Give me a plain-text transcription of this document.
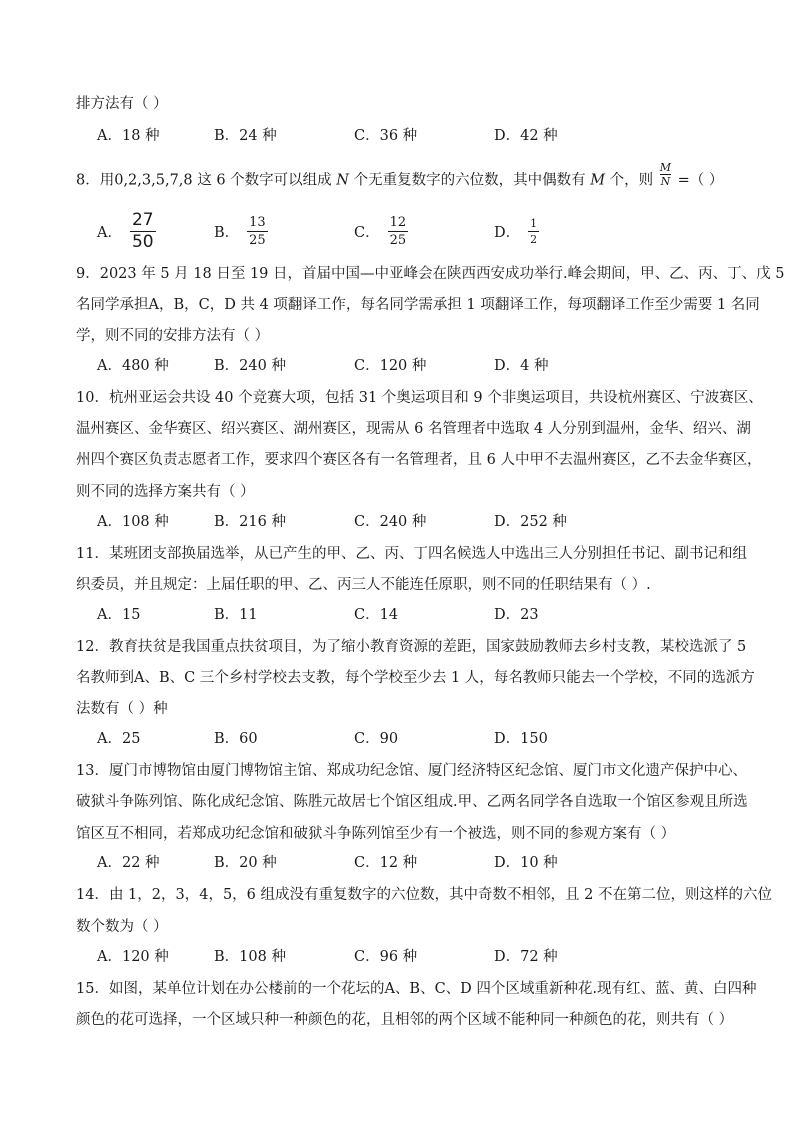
排方法有（ ）
A．18 种	B．24 种	C．36 种	D．42 种
8．用0,2,3,5,7,8 这 6 个数字可以组成 N 个无重复数字的六位数，其中偶数有 M 个，则 $\frac{M}{N}$ =（ ）
A． $\frac{27}{50}$	B． $\frac{13}{25}$	C． $\frac{12}{25}$	D． $\frac{1}{2}$
9．2023 年 5 月 18 日至 19 日，首届中国—中亚峰会在陕西西安成功举行.峰会期间，甲、乙、丙、丁、戊 5
名同学承担A，B，C，D 共 4 项翻译工作，每名同学需承担 1 项翻译工作，每项翻译工作至少需要 1 名同
学，则不同的安排方法有（ ）
A．480 种	B．240 种	C．120 种	D．4 种
10．杭州亚运会共设 40 个竞赛大项，包括 31 个奥运项目和 9 个非奥运项目，共设杭州赛区、宁波赛区、
温州赛区、金华赛区、绍兴赛区、湖州赛区，现需从 6 名管理者中选取 4 人分别到温州，金华、绍兴、湖
州四个赛区负责志愿者工作，要求四个赛区各有一名管理者，且 6 人中甲不去温州赛区，乙不去金华赛区，
则不同的选择方案共有（ ）
A．108 种	B．216 种	C．240 种	D．252 种
11．某班团支部换届选举，从已产生的甲、乙、丙、丁四名候选人中选出三人分别担任书记、副书记和组
织委员，并且规定：上届任职的甲、乙、丙三人不能连任原职，则不同的任职结果有（ ）.
A．15	B．11	C．14	D．23
12．教育扶贫是我国重点扶贫项目，为了缩小教育资源的差距，国家鼓励教师去乡村支教，某校选派了 5
名教师到A、B、C 三个乡村学校去支教，每个学校至少去 1 人，每名教师只能去一个学校，不同的选派方
法数有（ ）种
A．25	B．60	C．90	D．150
13．厦门市博物馆由厦门博物馆主馆、郑成功纪念馆、厦门经济特区纪念馆、厦门市文化遗产保护中心、
破狱斗争陈列馆、陈化成纪念馆、陈胜元故居七个馆区组成.甲、乙两名同学各自选取一个馆区参观且所选
馆区互不相同，若郑成功纪念馆和破狱斗争陈列馆至少有一个被选，则不同的参观方案有（ ）
A．22 种	B．20 种	C．12 种	D．10 种
14．由 1，2，3，4，5，6 组成没有重复数字的六位数，其中奇数不相邻，且 2 不在第二位，则这样的六位
数个数为（ ）
A．120 种	B．108 种	C．96 种	D．72 种
15．如图，某单位计划在办公楼前的一个花坛的A、B、C、D 四个区域重新种花.现有红、蓝、黄、白四种
颜色的花可选择，一个区域只种一种颜色的花，且相邻的两个区域不能种同一种颜色的花，则共有（ ）
